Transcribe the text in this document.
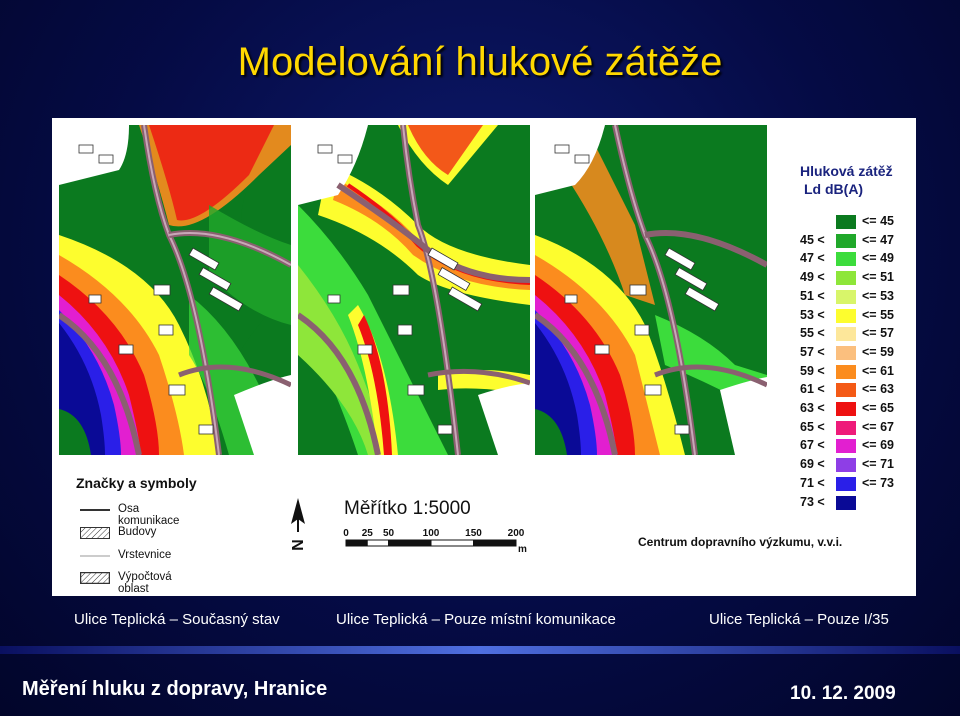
Modelování hlukové zátěže
Hluková zátěž
Ld dB(A)
<= 45
45 <	<= 47
47 <	<= 49
49 <	<= 51
51 <	<= 53
53 <	<= 55
55 <	<= 57
57 <	<= 59
59 <	<= 61
61 <	<= 63
63 <	<= 65
65 <	<= 67
67 <	<= 69
69 <	<= 71
71 <	<= 73
73 <
Značky a symboly
Osa komunikace
Budovy
Vrstevnice
Výpočtová oblast
N
Měřítko 1:5000
0 25 50	100	150	200
m
Centrum dopravního výzkumu, v.v.i.
Ulice Teplická – Současný stav	Ulice Teplická – Pouze místní komunikace	Ulice Teplická – Pouze I/35
Měření hluku z dopravy, Hranice	10. 12. 2009
